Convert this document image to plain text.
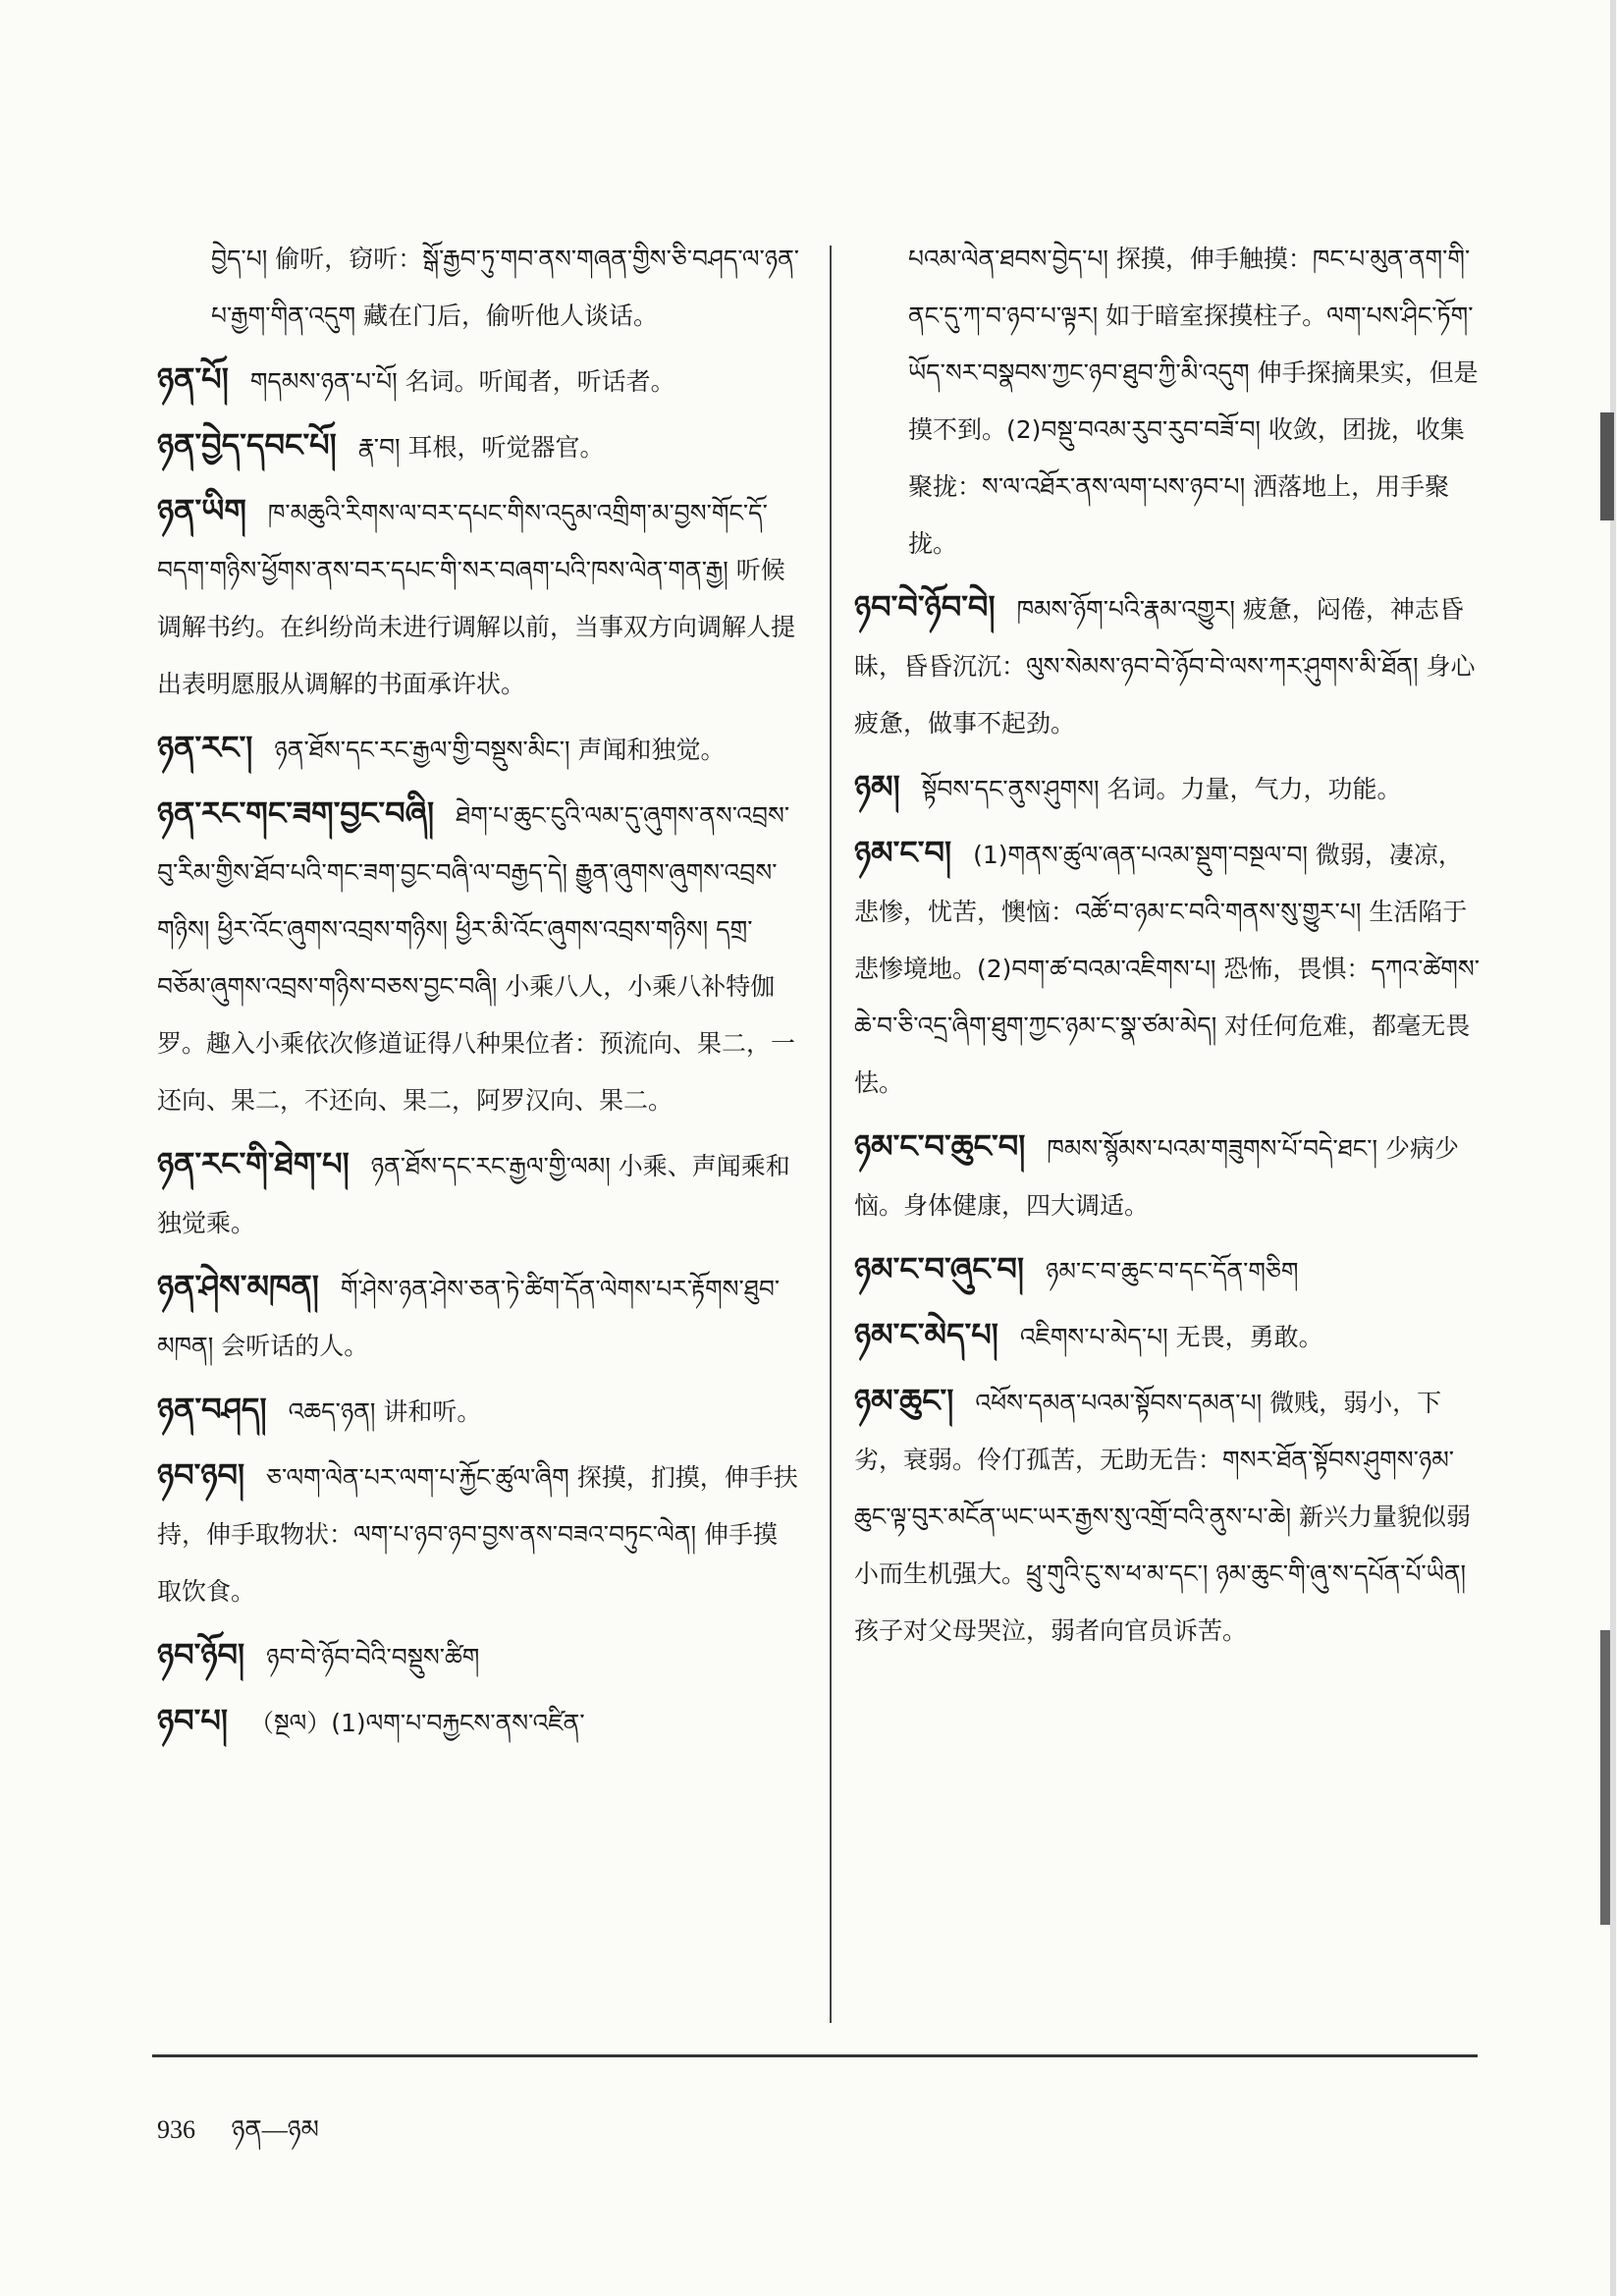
བྱེད་པ། 偷听，窃听：སྒོ་རྒྱབ་ཏུ་གབ་ནས་གཞན་གྱིས་ཅི་བཤད་ལ་ཉན་པ་རྒྱག་གིན་འདུག 藏在门后，偷听他人谈话。
ཉན་པོ། གདམས་ཉན་པ་པོ། 名词。听闻者，听话者。
ཉན་བྱེད་དབང་པོ། རྣ་བ། 耳根，听觉器官。
ཉན་ཡིག ཁ་མཆུའི་རིགས་ལ་བར་དཔང་གིས་འདུམ་འགྲིག་མ་བྱས་གོང་དོ་བདག་གཉིས་ཕྱོགས་ནས་བར་དཔང་གི་སར་བཞག་པའི་ཁས་ལེན་གན་རྒྱ། 听候调解书约。在纠纷尚未进行调解以前，当事双方向调解人提出表明愿服从调解的书面承许状。
ཉན་རང་། ཉན་ཐོས་དང་རང་རྒྱལ་གྱི་བསྡུས་མིང་། 声闻和独觉。
ཉན་རང་གང་ཟག་བྱང་བཞི། ཐེག་པ་ཆུང་ངུའི་ལམ་དུ་ཞུགས་ནས་འབྲས་བུ་རིམ་གྱིས་ཐོབ་པའི་གང་ཟག་བྱང་བཞི་ལ་བརྒྱད་དེ། རྒྱུན་ཞུགས་ཞུགས་འབྲས་གཉིས། ཕྱིར་འོང་ཞུགས་འབྲས་གཉིས། ཕྱིར་མི་འོང་ཞུགས་འབྲས་གཉིས། དགྲ་བཅོམ་ཞུགས་འབྲས་གཉིས་བཅས་བྱང་བཞི། 小乘八人，小乘八补特伽罗。趣入小乘依次修道证得八种果位者：预流向、果二，一还向、果二，不还向、果二，阿罗汉向、果二。
ཉན་རང་གི་ཐེག་པ། ཉན་ཐོས་དང་རང་རྒྱལ་གྱི་ལམ། 小乘、声闻乘和独觉乘。
ཉན་ཤེས་མཁན། གོ་ཤེས་ཉན་ཤེས་ཅན་ཏེ་ཚིག་དོན་ལེགས་པར་རྟོགས་ཐུབ་མཁན། 会听话的人。
ཉན་བཤད། འཆད་ཉན། 讲和听。
ཉབ་ཉབ། ཅ་ལག་ལེན་པར་ལག་པ་རྐྱོང་ཚུལ་ཞིག 探摸，扪摸，伸手扶持，伸手取物状：ལག་པ་ཉབ་ཉབ་བྱས་ནས་བཟའ་བཏུང་ལེན། 伸手摸取饮食。
ཉབ་ཉོབ། ཉབ་བེ་ཉོབ་བེའི་བསྡུས་ཚིག
ཉབ་པ། （སྔལ）(1)ལག་པ་བརྐྱངས་ནས་འཛིན་
པའམ་ལེན་ཐབས་བྱེད་པ། 探摸，伸手触摸：ཁང་པ་མུན་ནག་གི་ནང་དུ་ཀ་བ་ཉབ་པ་ལྟར། 如于暗室探摸柱子。ལག་པས་ཤིང་ཏོག་ཡོད་སར་བསྣབས་ཀྱང་ཉབ་ཐུབ་ཀྱི་མི་འདུག 伸手探摘果实，但是摸不到。(2)བསྡུ་བའམ་རུབ་རུབ་བཟོ་བ། 收敛，团拢，收集聚拢：ས་ལ་འཐོར་ནས་ལག་པས་ཉབ་པ། 洒落地上，用手聚拢。
ཉབ་བེ་ཉོབ་བེ། ཁམས་ཉོག་པའི་རྣམ་འགྱུར། 疲惫，闷倦，神志昏昧，昏昏沉沉：ལུས་སེམས་ཉབ་བེ་ཉོབ་བེ་ལས་ཀར་ཤུགས་མི་ཐོན། 身心疲惫，做事不起劲。
ཉམ། སྟོབས་དང་ནུས་ཤུགས། 名词。力量，气力，功能。
ཉམ་ང་བ། (1)གནས་ཚུལ་ཞན་པའམ་སྡུག་བསྔལ་བ། 微弱，凄凉，悲惨，忧苦，懊恼：འཚོ་བ་ཉམ་ང་བའི་གནས་སུ་གྱུར་པ། 生活陷于悲惨境地。(2)བག་ཚ་བའམ་འཇིགས་པ། 恐怖，畏惧：དཀའ་ཚེགས་ཆེ་བ་ཅི་འདྲ་ཞིག་ཐུག་ཀྱང་ཉམ་ང་སྣ་ཙམ་མེད། 对任何危难，都毫无畏怯。
ཉམ་ང་བ་ཆུང་བ། ཁམས་སྙོམས་པའམ་གཟུགས་པོ་བདེ་ཐང་། 少病少恼。身体健康，四大调适。
ཉམ་ང་བ་ཞུང་བ། ཉམ་ང་བ་ཆུང་བ་དང་དོན་གཅིག
ཉམ་ང་མེད་པ། འཇིགས་པ་མེད་པ། 无畏，勇敢。
ཉམ་ཆུང་། འཕོས་དམན་པའམ་སྟོབས་དམན་པ། 微贱，弱小，下劣，衰弱。伶仃孤苦，无助无告：གསར་ཐོན་སྟོབས་ཤུགས་ཉམ་ཆུང་ལྟ་བུར་མངོན་ཡང་ཡར་རྒྱས་སུ་འགྲོ་བའི་ནུས་པ་ཆེ། 新兴力量貌似弱小而生机强大。ཕྲུ་གུའི་ངུ་ས་ཕ་མ་དང་། ཉམ་ཆུང་གི་ཞུ་ས་དཔོན་པོ་ཡིན། 孩子对父母哭泣，弱者向官员诉苦。
936 ཉན—ཉམ
